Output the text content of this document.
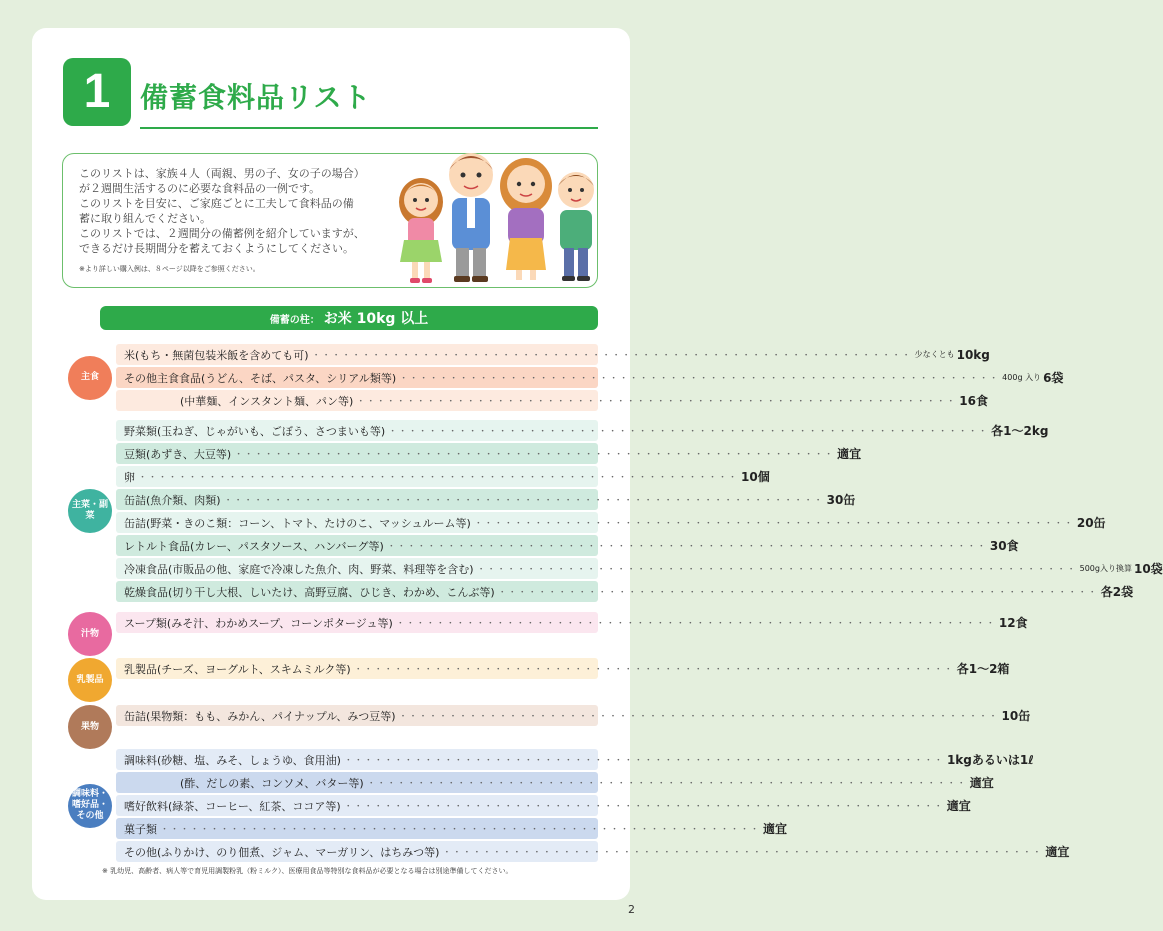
1	備蓄食料品リスト

このリストは、家族４人（両親、男の子、女の子の場合）

が２週間生活するのに必要な食料品の一例です。

このリストを目安に、ご家庭ごとに工夫して食料品の備

蓄に取り組んでください。

このリストでは、２週間分の備蓄例を紹介していますが、

できるだけ長期間分を蓄えておくようにしてください。

※より詳しい購入例は、８ページ以降をご参照ください。
備蓄の柱： お米 10kg 以上
主食
米(もち・無菌包装米飯を含めても可) ・・・・・・・・・・・・・・・・・・・・・・・・・・・・・・・・・・・・・・・・・・・・・・・・・・・・・・・・・・・・ 少なくとも 10kg
その他主食食品(うどん、そば、パスタ、シリアル類等) ・・・・・・・・・・・・・・・・・・・・・・・・・・・・・・・・・・・・・・・・・・・・・・・・・・・・・・・・・・・・ 400g 入り 6袋
(中華麺、インスタント麺、パン等) ・・・・・・・・・・・・・・・・・・・・・・・・・・・・・・・・・・・・・・・・・・・・・・・・・・・・・・・・・・・・ 16食
主菜・副菜
野菜類(玉ねぎ、じゃがいも、ごぼう、さつまいも等) ・・・・・・・・・・・・・・・・・・・・・・・・・・・・・・・・・・・・・・・・・・・・・・・・・・・・・・・・・・・・ 各1～2kg
豆類(あずき、大豆等) ・・・・・・・・・・・・・・・・・・・・・・・・・・・・・・・・・・・・・・・・・・・・・・・・・・・・・・・・・・・・ 適宜
卵 ・・・・・・・・・・・・・・・・・・・・・・・・・・・・・・・・・・・・・・・・・・・・・・・・・・・・・・・・・・・・ 10個
缶詰(魚介類、肉類) ・・・・・・・・・・・・・・・・・・・・・・・・・・・・・・・・・・・・・・・・・・・・・・・・・・・・・・・・・・・・ 30缶
缶詰(野菜・きのこ類：コーン、トマト、たけのこ、マッシュルーム等) ・・・・・・・・・・・・・・・・・・・・・・・・・・・・・・・・・・・・・・・・・・・・・・・・・・・・・・・・・・・・ 20缶
レトルト食品(カレー、パスタソース、ハンバーグ等) ・・・・・・・・・・・・・・・・・・・・・・・・・・・・・・・・・・・・・・・・・・・・・・・・・・・・・・・・・・・・ 30食
冷凍食品(市販品の他、家庭で冷凍した魚介、肉、野菜、料理等を含む) ・・・・・・・・・・・・・・・・・・・・・・・・・・・・・・・・・・・・・・・・・・・・・・・・・・・・・・・・・・・・ 500g入り換算 10袋
乾燥食品(切り干し大根、しいたけ、高野豆腐、ひじき、わかめ、こんぶ等) ・・・・・・・・・・・・・・・・・・・・・・・・・・・・・・・・・・・・・・・・・・・・・・・・・・・・・・・・・・・・ 各2袋
汁物
スープ類(みそ汁、わかめスープ、コーンポタージュ等) ・・・・・・・・・・・・・・・・・・・・・・・・・・・・・・・・・・・・・・・・・・・・・・・・・・・・・・・・・・・・ 12食
乳製品
乳製品(チーズ、ヨーグルト、スキムミルク等) ・・・・・・・・・・・・・・・・・・・・・・・・・・・・・・・・・・・・・・・・・・・・・・・・・・・・・・・・・・・・ 各1～2箱
果物
缶詰(果物類：もも、みかん、パイナップル、みつ豆等) ・・・・・・・・・・・・・・・・・・・・・・・・・・・・・・・・・・・・・・・・・・・・・・・・・・・・・・・・・・・・ 10缶
調味料・嗜好品・その他
調味料(砂糖、塩、みそ、しょうゆ、食用油) ・・・・・・・・・・・・・・・・・・・・・・・・・・・・・・・・・・・・・・・・・・・・・・・・・・・・・・・・・・・・ 1kgあるいは1ℓ
(酢、だしの素、コンソメ、バター等) ・・・・・・・・・・・・・・・・・・・・・・・・・・・・・・・・・・・・・・・・・・・・・・・・・・・・・・・・・・・・ 適宜
嗜好飲料(緑茶、コーヒー、紅茶、ココア等) ・・・・・・・・・・・・・・・・・・・・・・・・・・・・・・・・・・・・・・・・・・・・・・・・・・・・・・・・・・・・ 適宜
菓子類 ・・・・・・・・・・・・・・・・・・・・・・・・・・・・・・・・・・・・・・・・・・・・・・・・・・・・・・・・・・・・ 適宜
その他(ふりかけ、のり佃煮、ジャム、マーガリン、はちみつ等) ・・・・・・・・・・・・・・・・・・・・・・・・・・・・・・・・・・・・・・・・・・・・・・・・・・・・・・・・・・・・ 適宜
※ 乳幼児、高齢者、病人等で育児用調製粉乳（粉ミルク）、医療用食品等特別な食料品が必要となる場合は別途準備してください。
2
